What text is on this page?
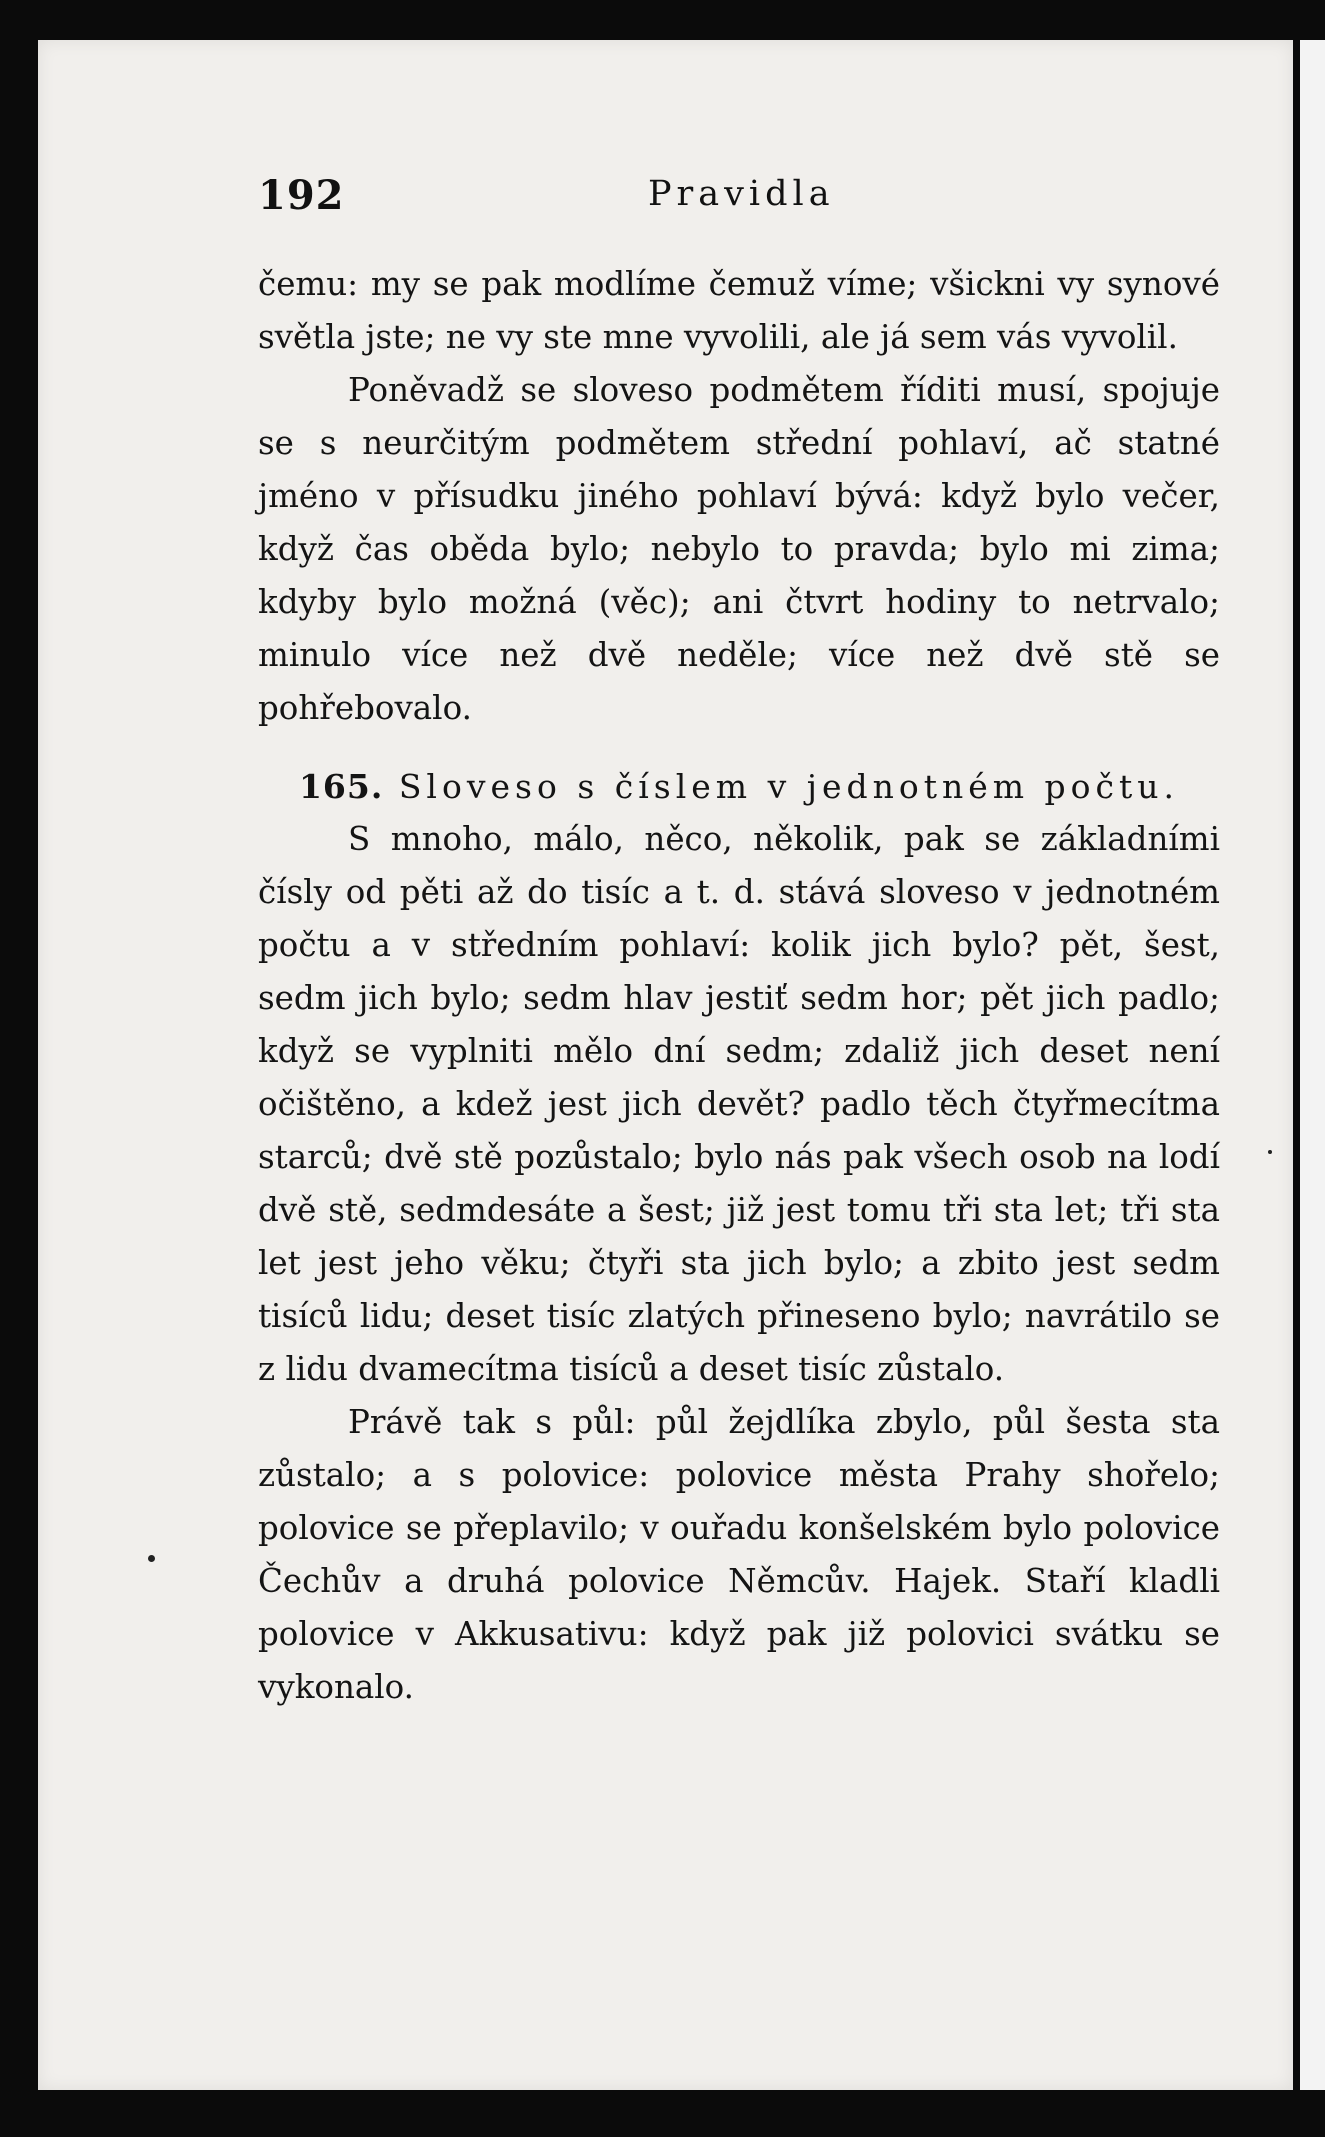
192	Pravidla

čemu: my se pak modlíme čemuž víme; všickni vy synové světla jste; ne vy ste mne vyvolili, ale já sem vás vyvolil.

Poněvadž se sloveso podmětem říditi musí, spojuje se s neurčitým podmětem střední pohlaví, ač statné jméno v přísudku jiného pohlaví bývá: když bylo večer, když čas oběda bylo; nebylo to pravda; bylo mi zima; kdyby bylo možná (věc); ani čtvrt hodiny to netrvalo; minulo více než dvě neděle; více než dvě stě se pohřebovalo.

165. Sloveso s číslem v jednotném počtu.

S mnoho, málo, něco, několik, pak se základními čísly od pěti až do tisíc a t. d. stává sloveso v jednotném počtu a v středním pohlaví: kolik jich bylo? pět, šest, sedm jich bylo; sedm hlav jestiť sedm hor; pět jich padlo; když se vyplniti mělo dní sedm; zdaliž jich deset není očištěno, a kdež jest jich devět? padlo těch čtyřmecítma starců; dvě stě pozůstalo; bylo nás pak všech osob na lodí dvě stě, sedmdesáte a šest; již jest tomu tři sta let; tři sta let jest jeho věku; čtyři sta jich bylo; a zbito jest sedm tisíců lidu; deset tisíc zlatých přineseno bylo; navrátilo se z lidu dvamecítma tisíců a deset tisíc zůstalo.

Právě tak s půl: půl žejdlíka zbylo, půl šesta sta zůstalo; a s polovice: polovice města Prahy shořelo; polovice se přeplavilo; v ouřadu konšelském bylo polovice Čechův a druhá polovice Němcův. Hajek. Staří kladli polovice v Akkusativu: když pak již polovici svátku se vykonalo.
